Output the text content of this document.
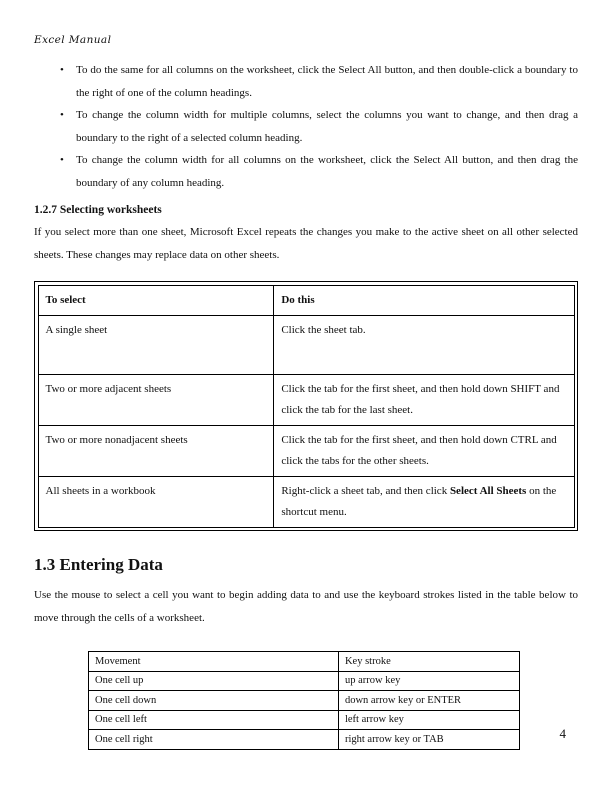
Excel Manual
•	To do the same for all columns on the worksheet, click the Select All button, and then double-click a boundary to the right of one of the column headings.
•	To change the column width for multiple columns, select the columns you want to change, and then drag a boundary to the right of a selected column heading.
•	To change the column width for all columns on the worksheet, click the Select All button, and then drag the boundary of any column heading.
1.2.7 Selecting worksheets

If you select more than one sheet, Microsoft Excel repeats the changes you make to the active sheet on all other selected sheets. These changes may replace data on other sheets.

To select	Do this
A single sheet	Click the sheet tab.
Two or more adjacent sheets	Click the tab for the first sheet, and then hold down SHIFT and click the tab for the last sheet.
Two or more nonadjacent sheets	Click the tab for the first sheet, and then hold down CTRL and click the tabs for the other sheets.
All sheets in a workbook	Right-click a sheet tab, and then click Select All Sheets on the shortcut menu.
1.3 Entering Data

Use the mouse to select a cell you want to begin adding data to and use the keyboard strokes listed in the table below to move through the cells of a worksheet.

Movement	Key stroke
One cell up	up arrow key
One cell down	down arrow key or ENTER
One cell left	left arrow key
One cell right	right arrow key or TAB	4
